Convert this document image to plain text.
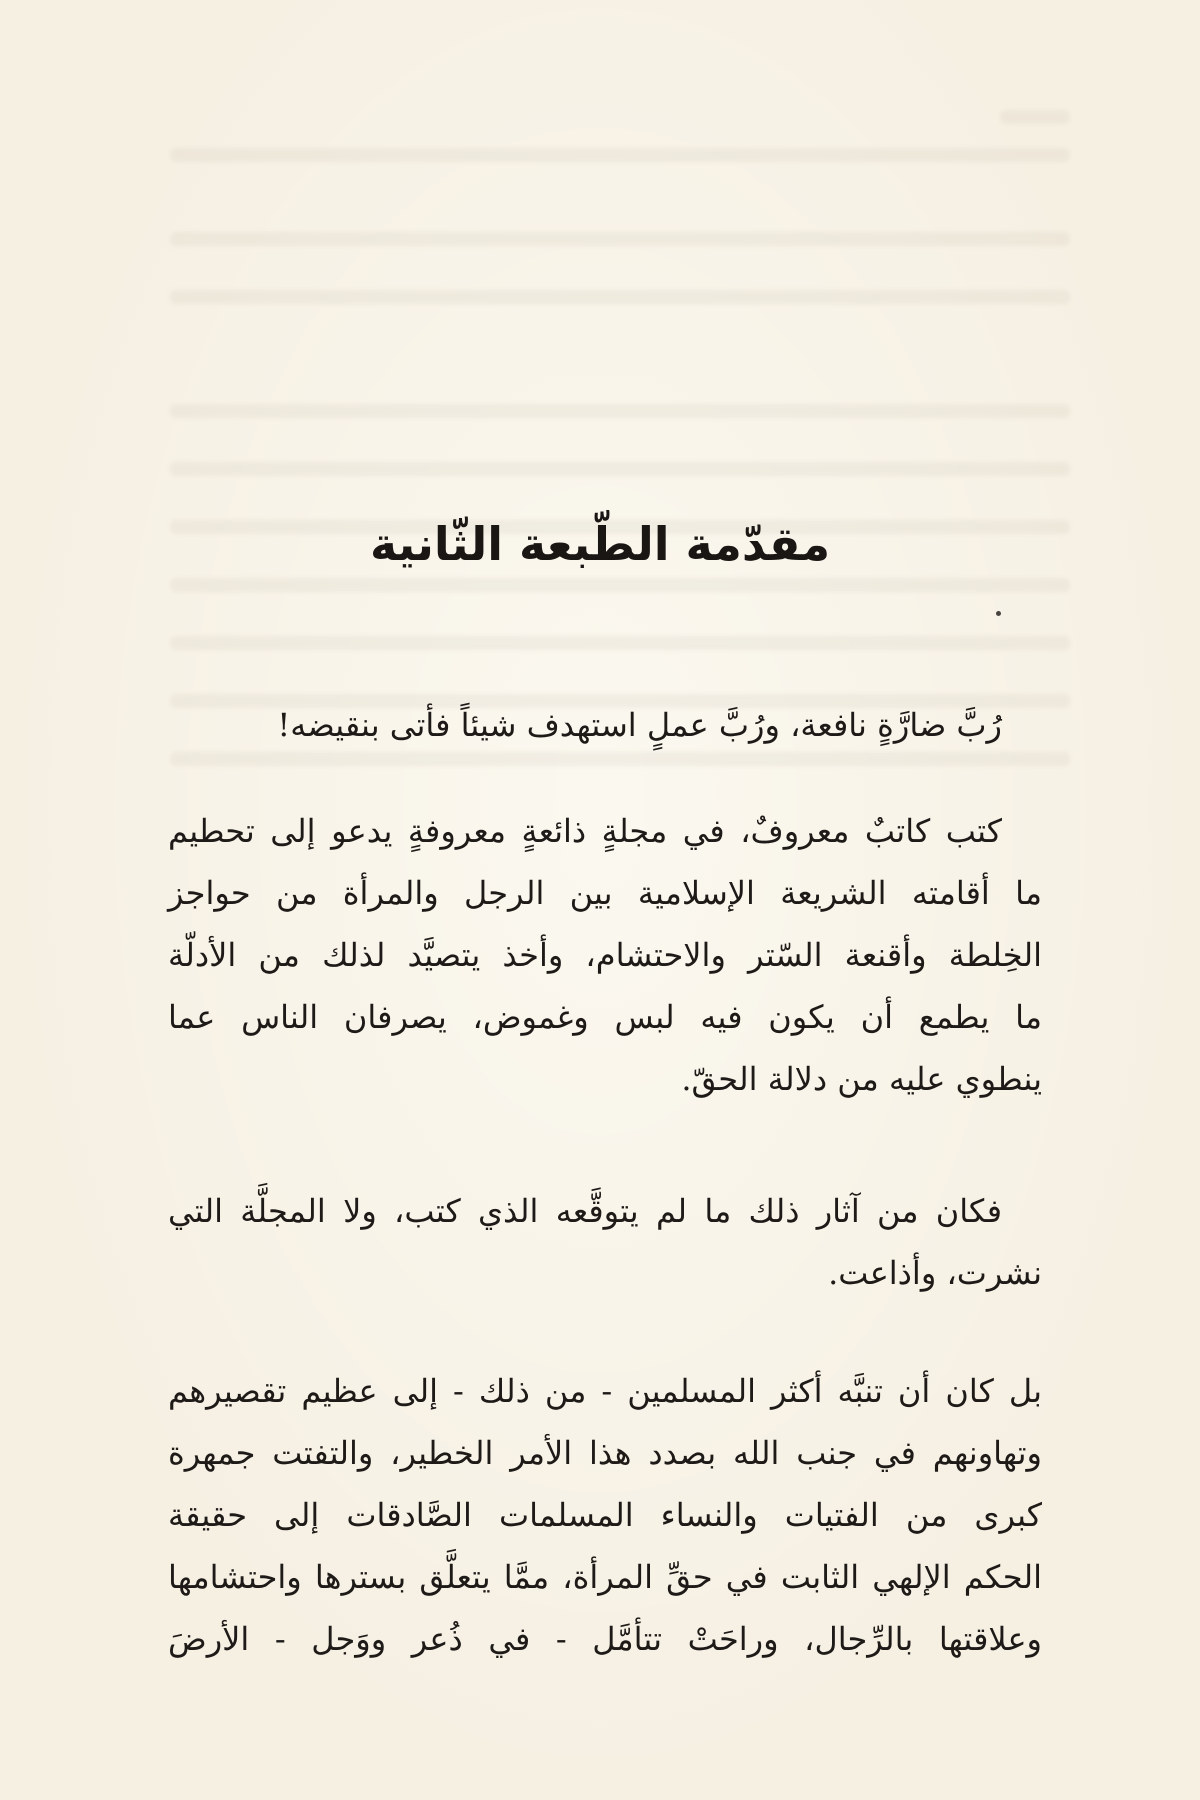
مقدّمة الطّبعة الثّانية
رُبَّ ضارَّةٍ نافعة، ورُبَّ عملٍ استهدف شيئاً فأتى بنقيضه!
كتب كاتبٌ معروفٌ، في مجلةٍ ذائعةٍ معروفةٍ يدعو إلى تحطيم
ما أقامته الشريعة الإسلامية بين الرجل والمرأة من حواجز
الخِلطة وأقنعة السّتر والاحتشام، وأخذ يتصيَّد لذلك من الأدلّة
ما يطمع أن يكون فيه لبس وغموض، يصرفان الناس عما
ينطوي عليه من دلالة الحقّ.
فكان من آثار ذلك ما لم يتوقَّعه الذي كتب، ولا المجلَّة التي
نشرت، وأذاعت.
بل كان أن تنبَّه أكثر المسلمين - من ذلك - إلى عظيم تقصيرهم
وتهاونهم في جنب الله بصدد هذا الأمر الخطير، والتفتت جمهرة
كبرى من الفتيات والنساء المسلمات الصَّادقات إلى حقيقة
الحكم الإلهي الثابت في حقِّ المرأة، ممَّا يتعلَّق بسترها واحتشامها
وعلاقتها بالرِّجال، وراحَتْ تتأمَّل - في ذُعر ووَجل - الأرضَ
